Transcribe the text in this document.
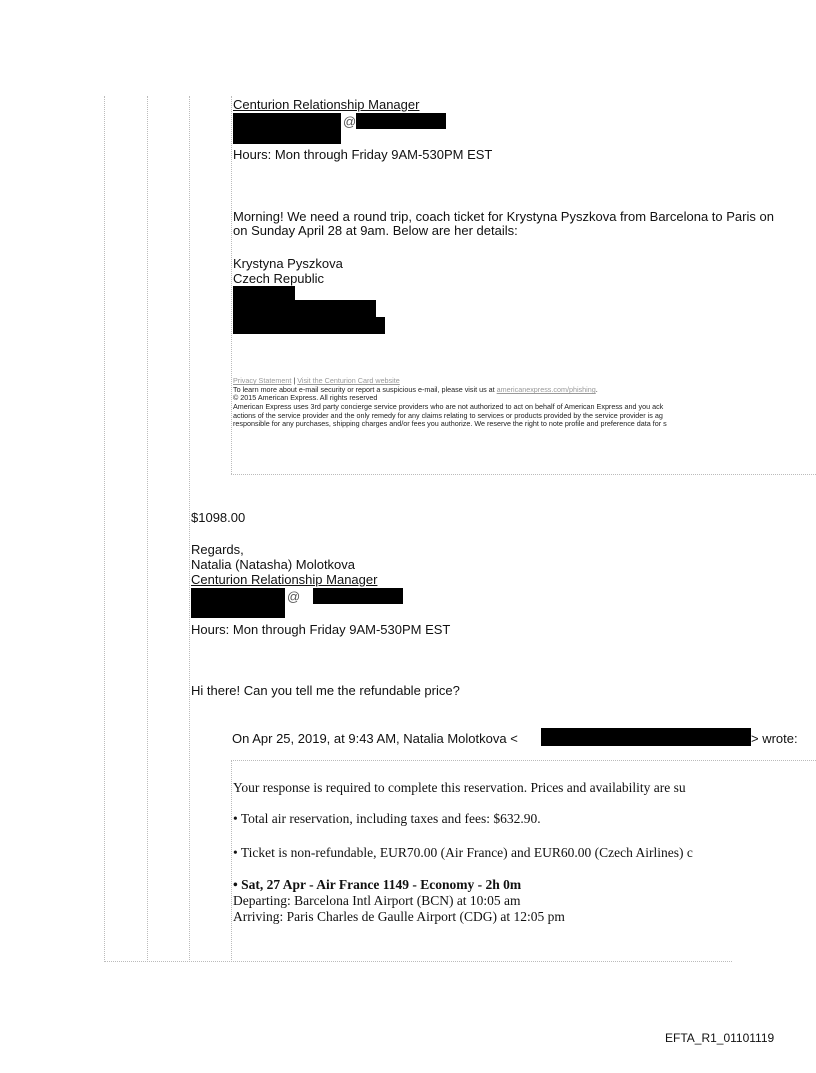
Centurion Relationship Manager
@
Hours: Mon through Friday 9AM-530PM EST
Morning! We need a round trip, coach ticket for Krystyna Pyszkova from Barcelona to Paris on
on Sunday April 28 at 9am. Below are her details:
Krystyna Pyszkova
Czech Republic
Privacy Statement | Visit the Centurion Card website
To learn more about e-mail security or report a suspicious e-mail, please visit us at americanexpress.com/phishing.
© 2015 American Express. All rights reserved
American Express uses 3rd party concierge service providers who are not authorized to act on behalf of American Express and you ack
actions of the service provider and the only remedy for any claims relating to services or products provided by the service provider is ag
responsible for any purchases, shipping charges and/or fees you authorize. We reserve the right to note profile and preference data for s
$1098.00
Regards,
Natalia (Natasha) Molotkova
Centurion Relationship Manager
@
Hours: Mon through Friday 9AM-530PM EST
Hi there! Can you tell me the refundable price?
On Apr 25, 2019, at 9:43 AM, Natalia Molotkova <	> wrote:
Your response is required to complete this reservation. Prices and availability are su
• Total air reservation, including taxes and fees: $632.90.
• Ticket is non-refundable, EUR70.00 (Air France) and EUR60.00 (Czech Airlines) c
• Sat, 27 Apr - Air France 1149 - Economy - 2h 0m
Departing: Barcelona Intl Airport (BCN) at 10:05 am
Arriving: Paris Charles de Gaulle Airport (CDG) at 12:05 pm
EFTA_R1_01101119
